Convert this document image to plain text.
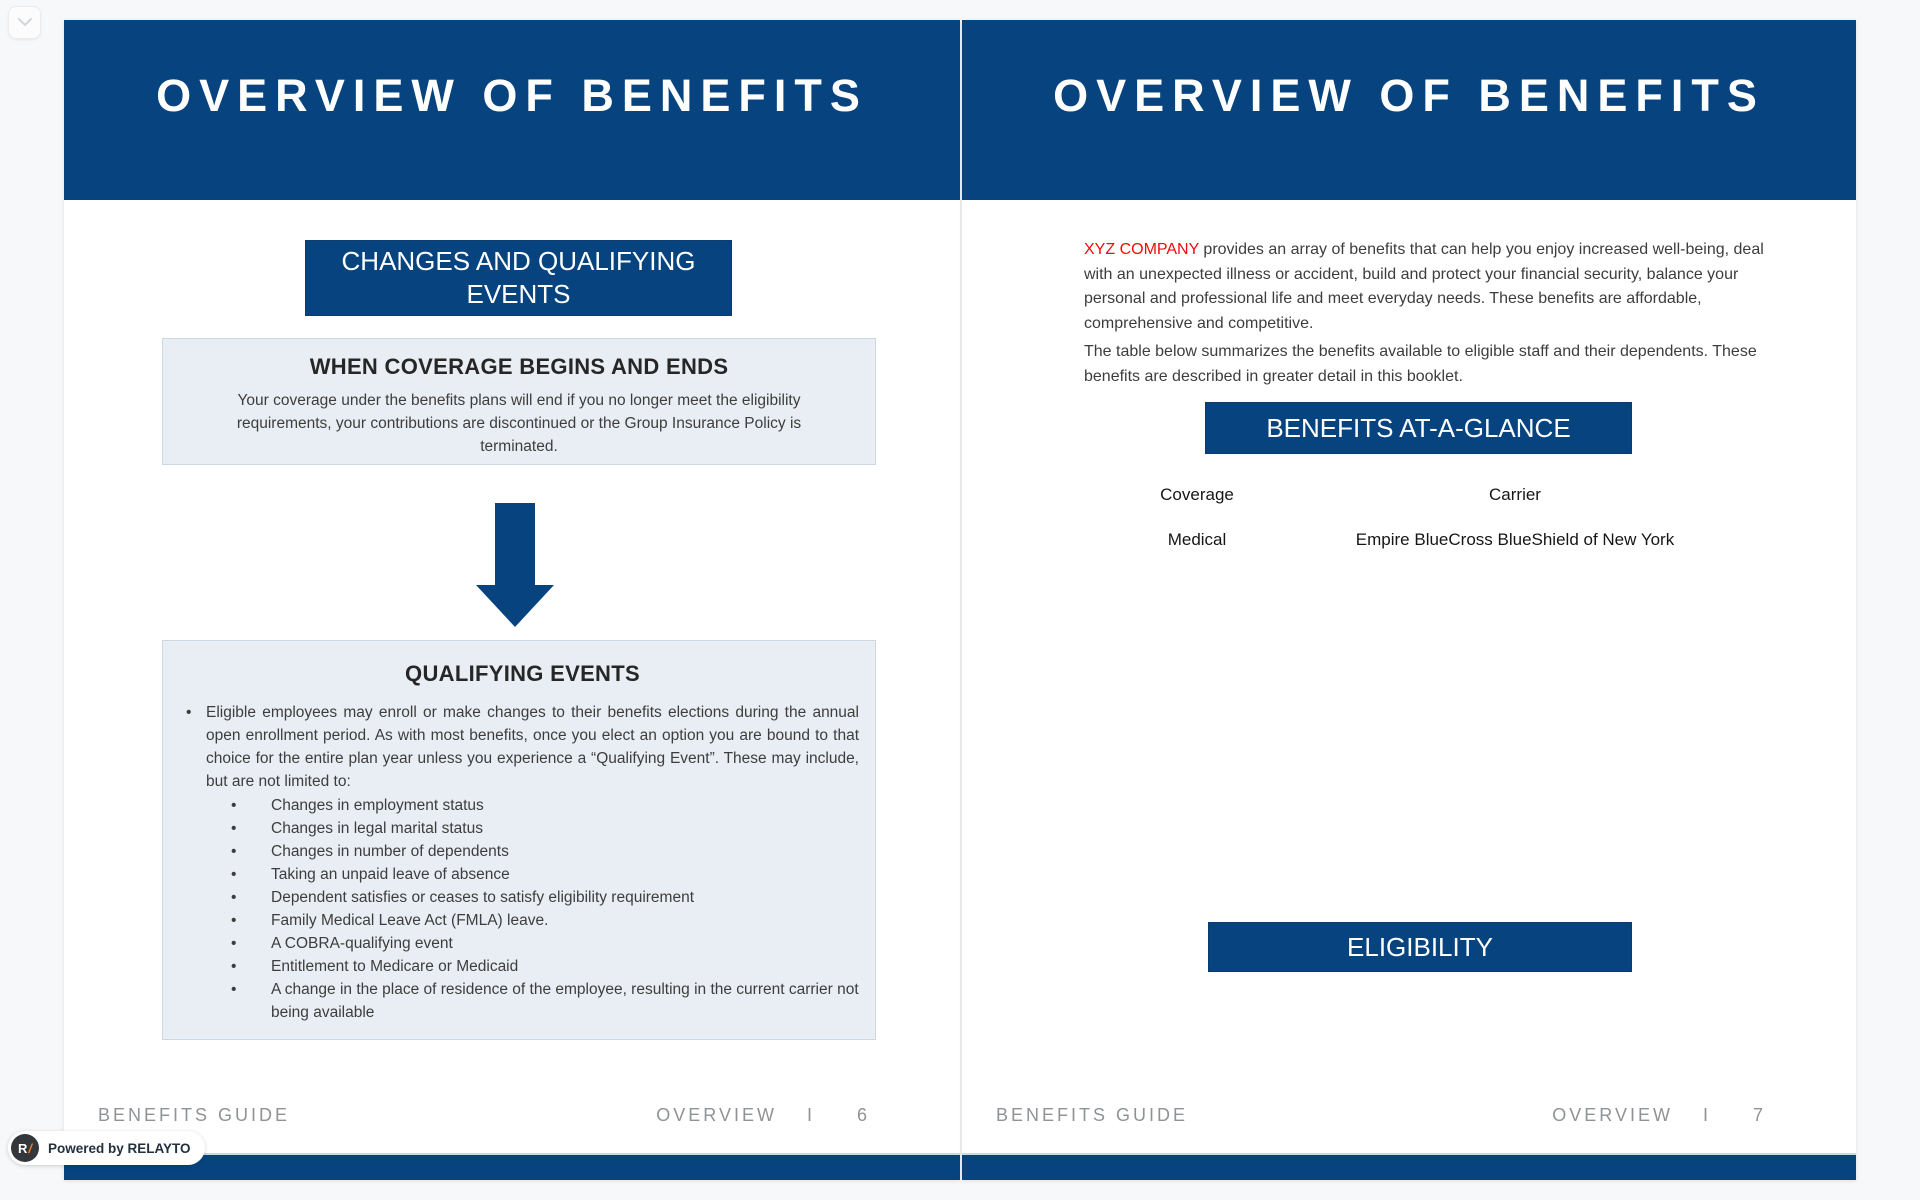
OVERVIEW OF BENEFITS
CHANGES AND QUALIFYING EVENTS
WHEN COVERAGE BEGINS AND ENDS

Your coverage under the benefits plans will end if you no longer meet the eligibility requirements, your contributions are discontinued or the Group Insurance Policy is terminated.

QUALIFYING EVENTS
• Eligible employees may enroll or make changes to their benefits elections during the annual open enrollment period. As with most benefits, once you elect an option you are bound to that choice for the entire plan year unless you experience a “Qualifying Event”. These may include, but are not limited to:
•	Changes in employment status
•	Changes in legal marital status
•	Changes in number of dependents
•	Taking an unpaid leave of absence
•	Dependent satisfies or ceases to satisfy eligibility requirement
•	Family Medical Leave Act (FMLA) leave.
•	A COBRA-qualifying event
•	Entitlement to Medicare or Medicaid
•	A change in the place of residence of the employee, resulting in the current carrier not being available
BENEFITS GUIDE	OVERVIEW I 6
OVERVIEW OF BENEFITS

XYZ COMPANY provides an array of benefits that can help you enjoy increased well-being, deal with an unexpected illness or accident, build and protect your financial security, balance your personal and professional life and meet everyday needs. These benefits are affordable, comprehensive and competitive.

The table below summarizes the benefits available to eligible staff and their dependents. These benefits are described in greater detail in this booklet.

BENEFITS AT-A-GLANCE
Coverage	Carrier
Medical	Empire BlueCross BlueShield of New York
ELIGIBILITY
BENEFITS GUIDE	OVERVIEW I 7
R / Powered by RELAYTO
